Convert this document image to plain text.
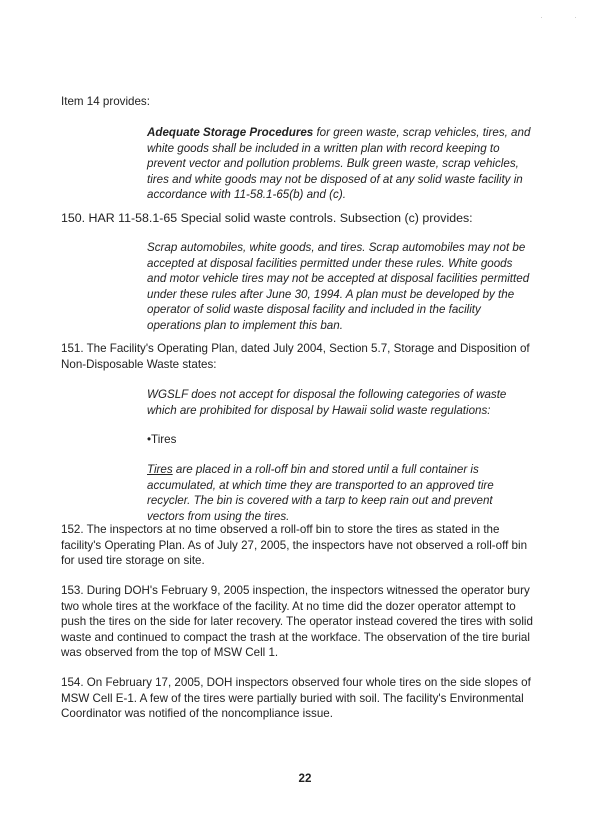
Item 14 provides:

Adequate Storage Procedures for green waste, scrap vehicles, tires, and white goods shall be included in a written plan with record keeping to prevent vector and pollution problems. Bulk green waste, scrap vehicles, tires and white goods may not be disposed of at any solid waste facility in accordance with 11-58.1-65(b) and (c).

150. HAR 11-58.1-65 Special solid waste controls. Subsection (c) provides:

Scrap automobiles, white goods, and tires. Scrap automobiles may not be accepted at disposal facilities permitted under these rules. White goods and motor vehicle tires may not be accepted at disposal facilities permitted under these rules after June 30, 1994. A plan must be developed by the operator of solid waste disposal facility and included in the facility operations plan to implement this ban.

151. The Facility's Operating Plan, dated July 2004, Section 5.7, Storage and Disposition of Non-Disposable Waste states:

WGSLF does not accept for disposal the following categories of waste which are prohibited for disposal by Hawaii solid waste regulations:

•Tires

Tires are placed in a roll-off bin and stored until a full container is accumulated, at which time they are transported to an approved tire recycler. The bin is covered with a tarp to keep rain out and prevent vectors from using the tires.

152. The inspectors at no time observed a roll-off bin to store the tires as stated in the facility's Operating Plan. As of July 27, 2005, the inspectors have not observed a roll-off bin for used tire storage on site.

153. During DOH's February 9, 2005 inspection, the inspectors witnessed the operator bury two whole tires at the workface of the facility. At no time did the dozer operator attempt to push the tires on the side for later recovery. The operator instead covered the tires with solid waste and continued to compact the trash at the workface. The observation of the tire burial was observed from the top of MSW Cell 1.

154. On February 17, 2005, DOH inspectors observed four whole tires on the side slopes of MSW Cell E-1. A few of the tires were partially buried with soil. The facility's Environmental Coordinator was notified of the noncompliance issue.

22
